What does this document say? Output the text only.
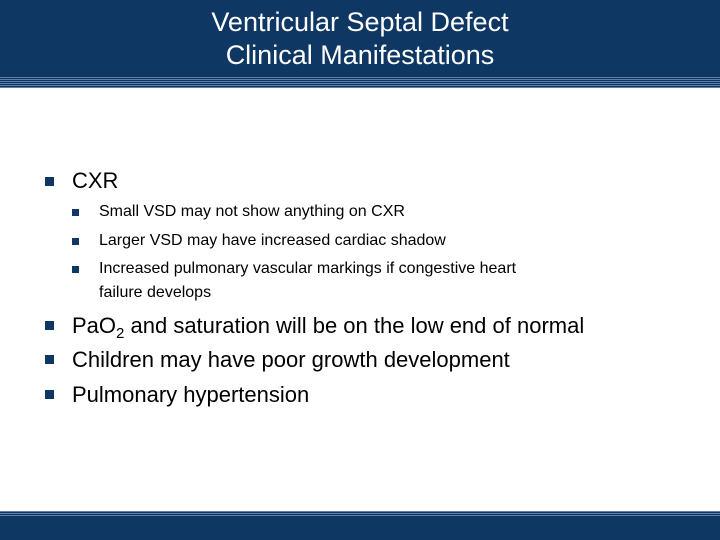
Ventricular Septal Defect
Clinical Manifestations
CXR
Small VSD may not show anything on CXR
Larger VSD may have increased cardiac shadow
Increased pulmonary vascular markings if congestive heart
failure develops
PaO$_2$ and saturation will be on the low end of normal
Children may have poor growth development
Pulmonary hypertension
